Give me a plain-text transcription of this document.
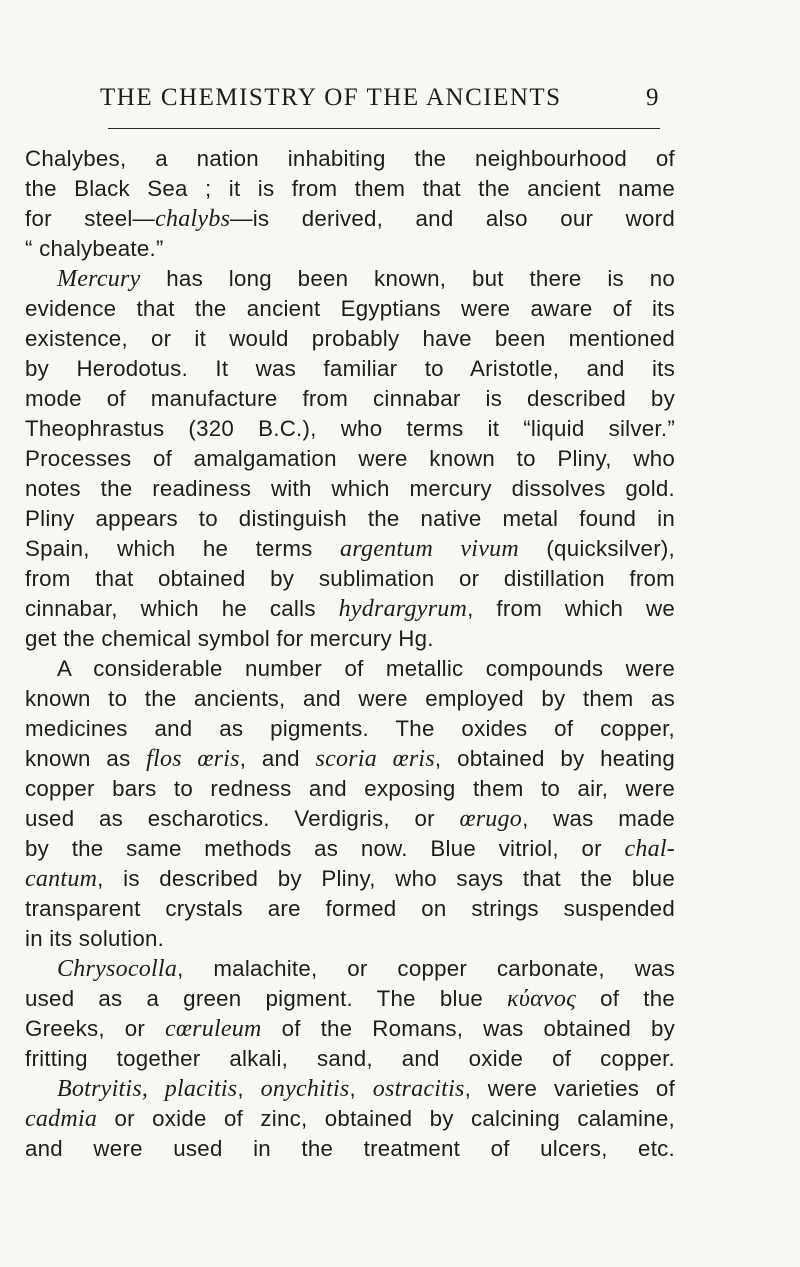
THE CHEMISTRY OF THE ANCIENTS	9
Chalybes, a nation inhabiting the neighbourhood of
the Black Sea ; it is from them that the ancient name
for steel—chalybs—is derived, and also our word
“ chalybeate.”
Mercury has long been known, but there is no
evidence that the ancient Egyptians were aware of its
existence, or it would probably have been mentioned
by Herodotus. It was familiar to Aristotle, and its
mode of manufacture from cinnabar is described by
Theophrastus (320 B.C.), who terms it “liquid silver.”
Processes of amalgamation were known to Pliny, who
notes the readiness with which mercury dissolves gold.
Pliny appears to distinguish the native metal found in
Spain, which he terms argentum vivum (quicksilver),
from that obtained by sublimation or distillation from
cinnabar, which he calls hydrargyrum, from which we
get the chemical symbol for mercury Hg.
A considerable number of metallic compounds were
known to the ancients, and were employed by them as
medicines and as pigments. The oxides of copper,
known as flos œris, and scoria œris, obtained by heating
copper bars to redness and exposing them to air, were
used as escharotics. Verdigris, or œrugo, was made
by the same methods as now. Blue vitriol, or chal-
cantum, is described by Pliny, who says that the blue
transparent crystals are formed on strings suspended
in its solution.
Chrysocolla, malachite, or copper carbonate, was
used as a green pigment. The blue κύανος of the
Greeks, or cœruleum of the Romans, was obtained by
fritting together alkali, sand, and oxide of copper.
Botryitis, placitis, onychitis, ostracitis, were varieties of
cadmia or oxide of zinc, obtained by calcining calamine,
and were used in the treatment of ulcers, etc.
